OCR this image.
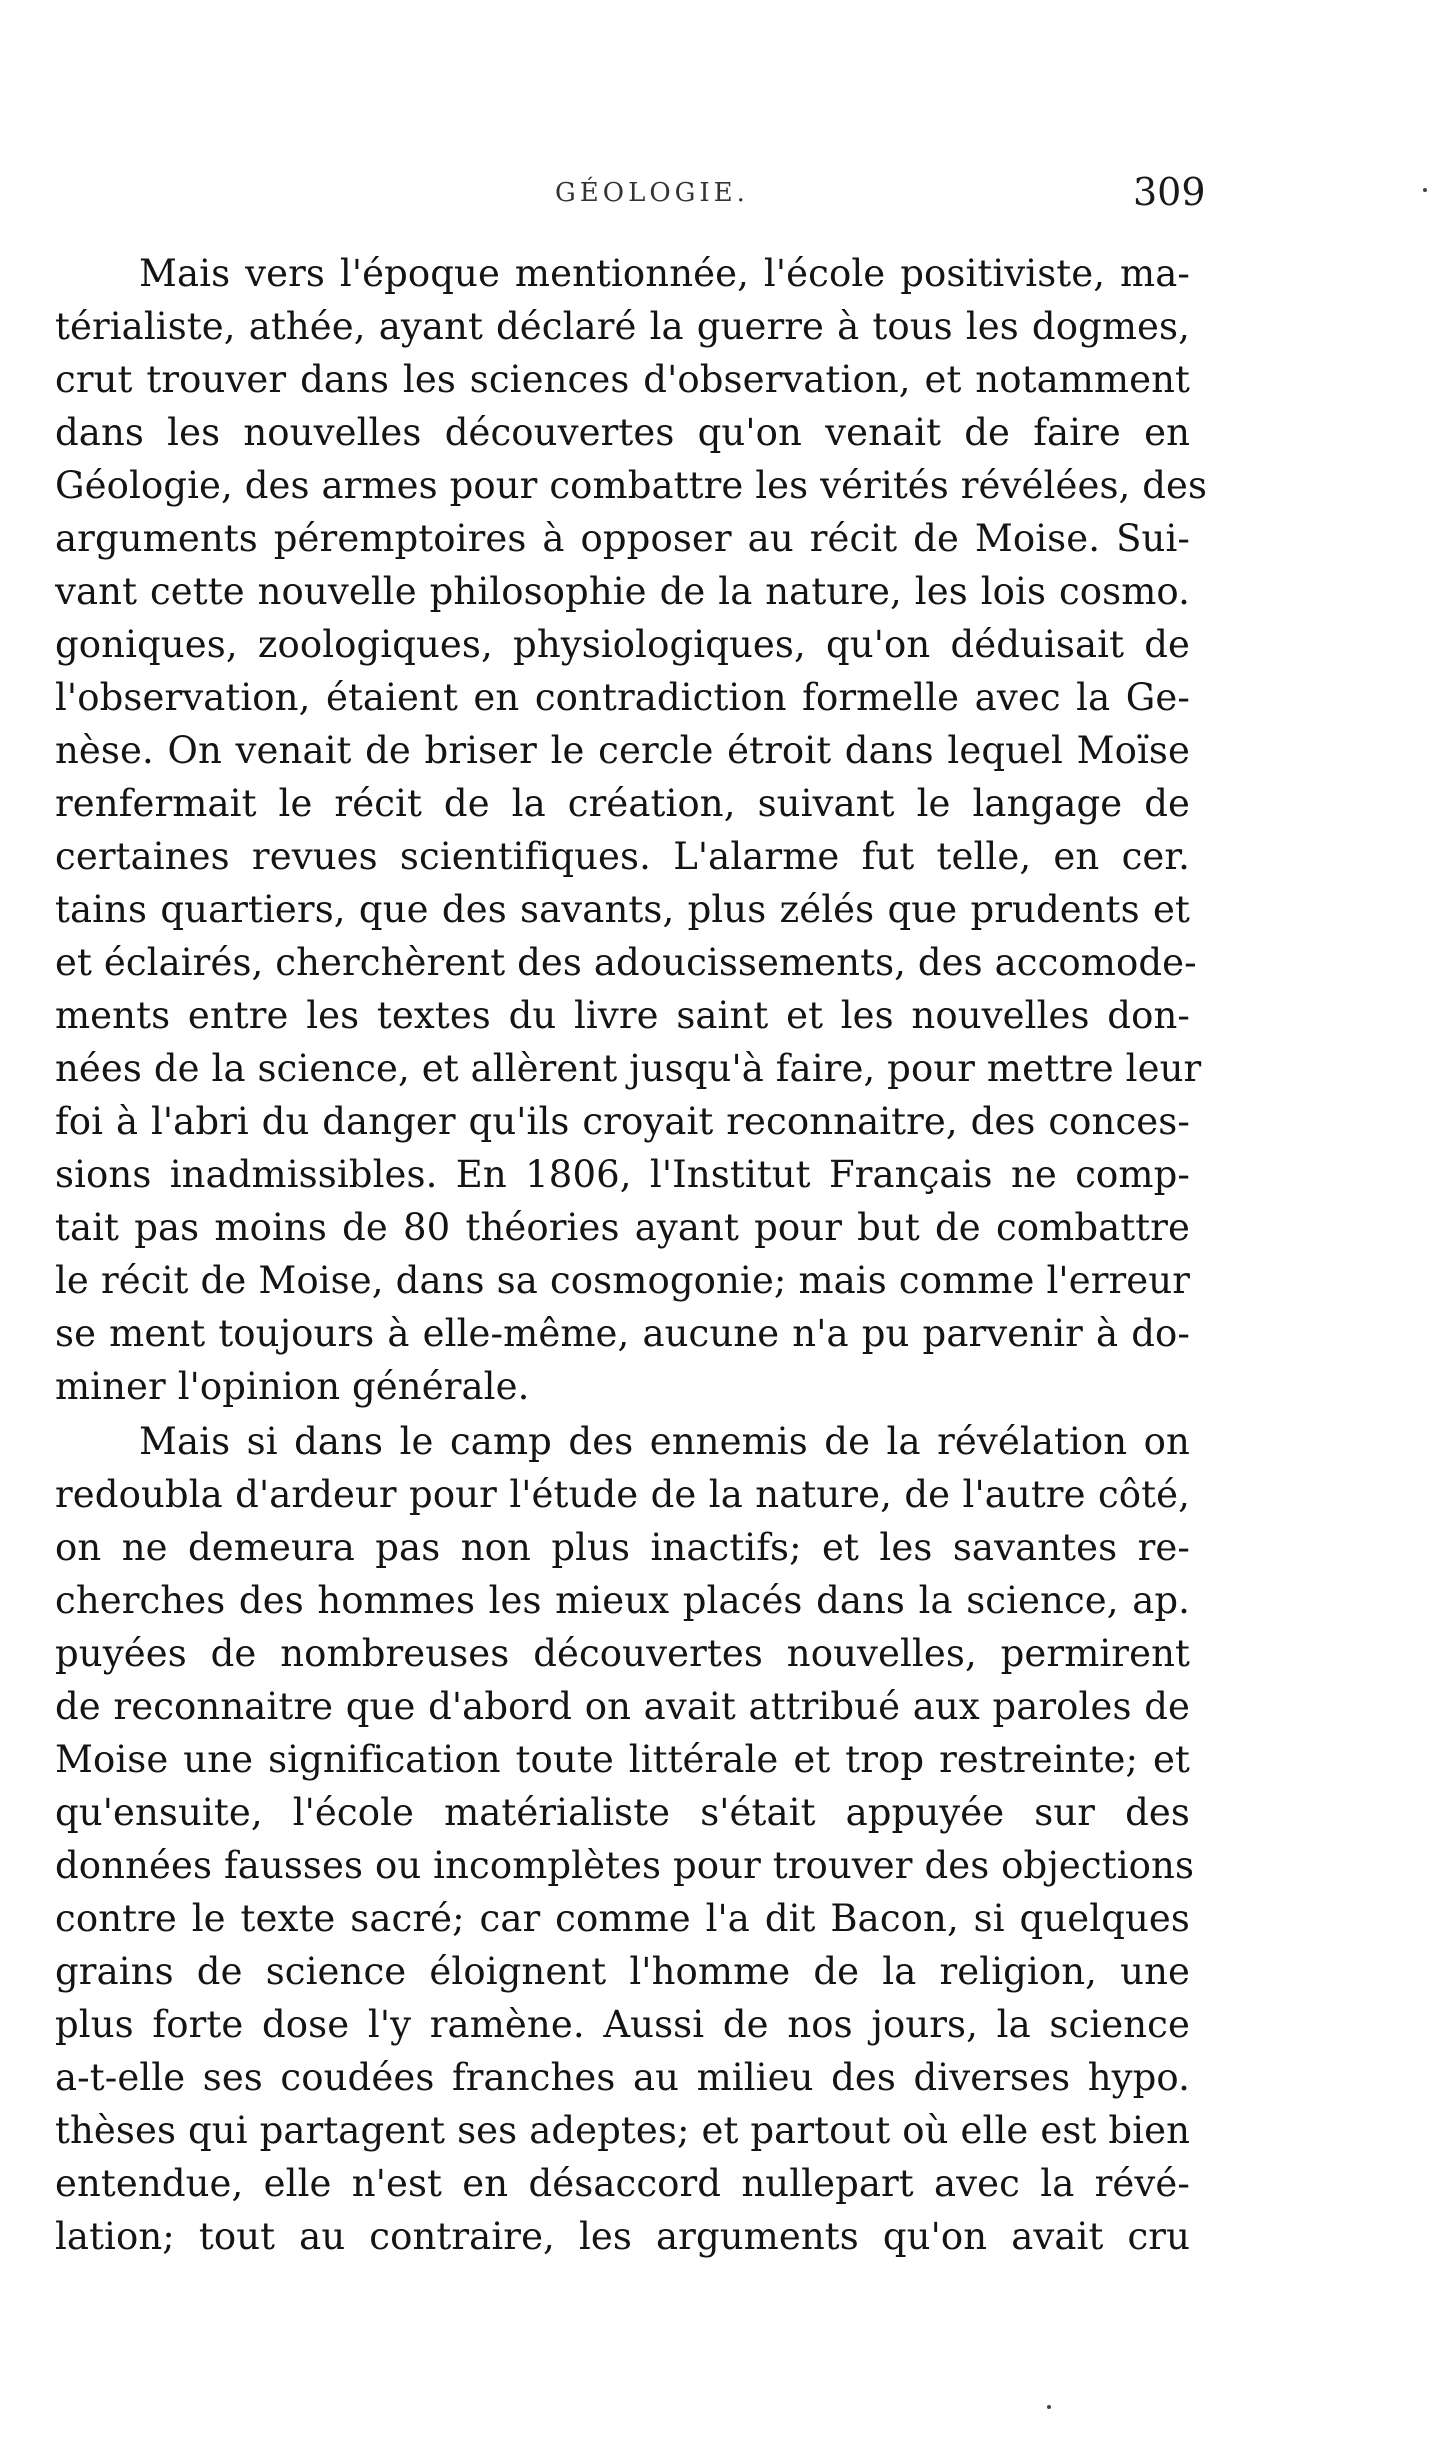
GÉOLOGIE.	309
Mais vers l'époque mentionnée, l'école positiviste, ma-
térialiste, athée, ayant déclaré la guerre à tous les dogmes,
crut trouver dans les sciences d'observation, et notamment
dans les nouvelles découvertes qu'on venait de faire en
Géologie, des armes pour combattre les vérités révélées, des
arguments péremptoires à opposer au récit de Moise. Sui-
vant cette nouvelle philosophie de la nature, les lois cosmo.
goniques, zoologiques, physiologiques, qu'on déduisait de
l'observation, étaient en contradiction formelle avec la Ge-
nèse. On venait de briser le cercle étroit dans lequel Moïse
renfermait le récit de la création, suivant le langage de
certaines revues scientifiques. L'alarme fut telle, en cer.
tains quartiers, que des savants, plus zélés que prudents et
et éclairés, cherchèrent des adoucissements, des accomode-
ments entre les textes du livre saint et les nouvelles don-
nées de la science, et allèrent jusqu'à faire, pour mettre leur
foi à l'abri du danger qu'ils croyait reconnaitre, des conces-
sions inadmissibles. En 1806, l'Institut Français ne comp-
tait pas moins de 80 théories ayant pour but de combattre
le récit de Moise, dans sa cosmogonie; mais comme l'erreur
se ment toujours à elle-même, aucune n'a pu parvenir à do-
miner l'opinion générale.
Mais si dans le camp des ennemis de la révélation on
redoubla d'ardeur pour l'étude de la nature, de l'autre côté,
on ne demeura pas non plus inactifs; et les savantes re-
cherches des hommes les mieux placés dans la science, ap.
puyées de nombreuses découvertes nouvelles, permirent
de reconnaitre que d'abord on avait attribué aux paroles de
Moise une signification toute littérale et trop restreinte; et
qu'ensuite, l'école matérialiste s'était appuyée sur des
données fausses ou incomplètes pour trouver des objections
contre le texte sacré; car comme l'a dit Bacon, si quelques
grains de science éloignent l'homme de la religion, une
plus forte dose l'y ramène. Aussi de nos jours, la science
a-t-elle ses coudées franches au milieu des diverses hypo.
thèses qui partagent ses adeptes; et partout où elle est bien
entendue, elle n'est en désaccord nullepart avec la révé-
lation; tout au contraire, les arguments qu'on avait cru
